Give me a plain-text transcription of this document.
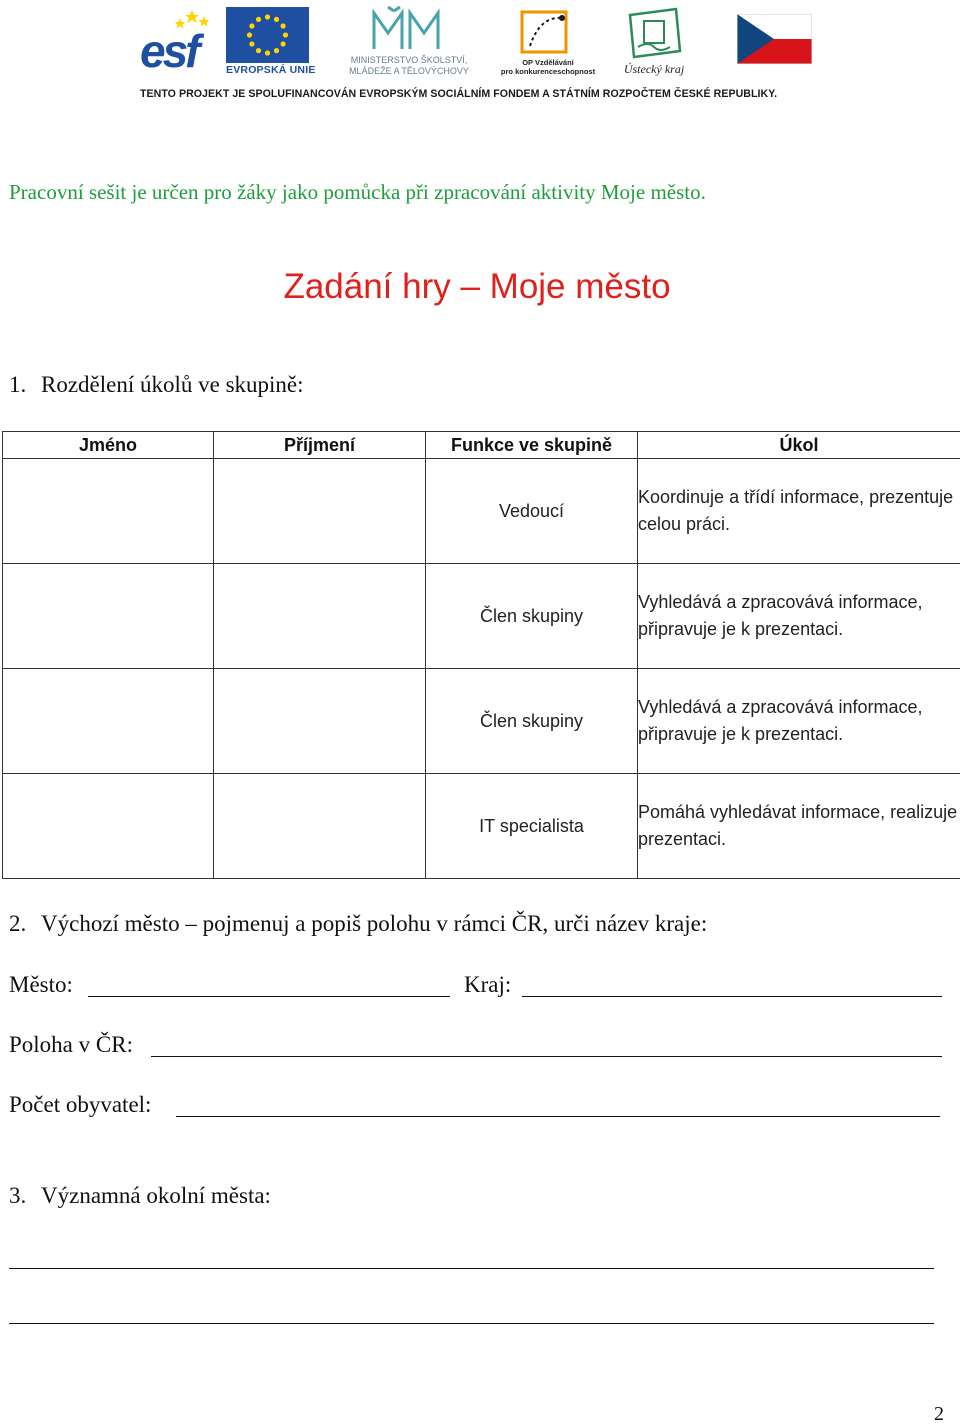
esf	EVROPSKÁ UNIE
MINISTERSTVO ŠKOLSTVÍ,
MLÁDEŽE A TĚLOVÝCHOVY
OP Vzdělávání
pro konkurenceschopnost Ústecký kraj
TENTO PROJEKT JE SPOLUFINANCOVÁN EVROPSKÝM SOCIÁLNÍM FONDEM A STÁTNÍM ROZPOČTEM ČESKÉ REPUBLIKY.
Pracovní sešit je určen pro žáky jako pomůcka při zpracování aktivity Moje město.
Zadání hry – Moje město
1. Rozdělení úkolů ve skupině:
Jméno	Příjmení	Funkce ve skupině	Úkol
		Vedoucí	Koordinuje a třídí informace, prezentuje celou práci.
		Člen skupiny	Vyhledává a zpracovává informace, připravuje je k prezentaci.
		Člen skupiny	Vyhledává a zpracovává informace, připravuje je k prezentaci.
		IT specialista	Pomáhá vyhledávat informace, realizuje prezentaci.
2. Výchozí město – pojmenuj a popiš polohu v rámci ČR, urči název kraje:
Město:	Kraj:
Poloha v ČR:
Počet obyvatel:
3. Významná okolní města:
2
